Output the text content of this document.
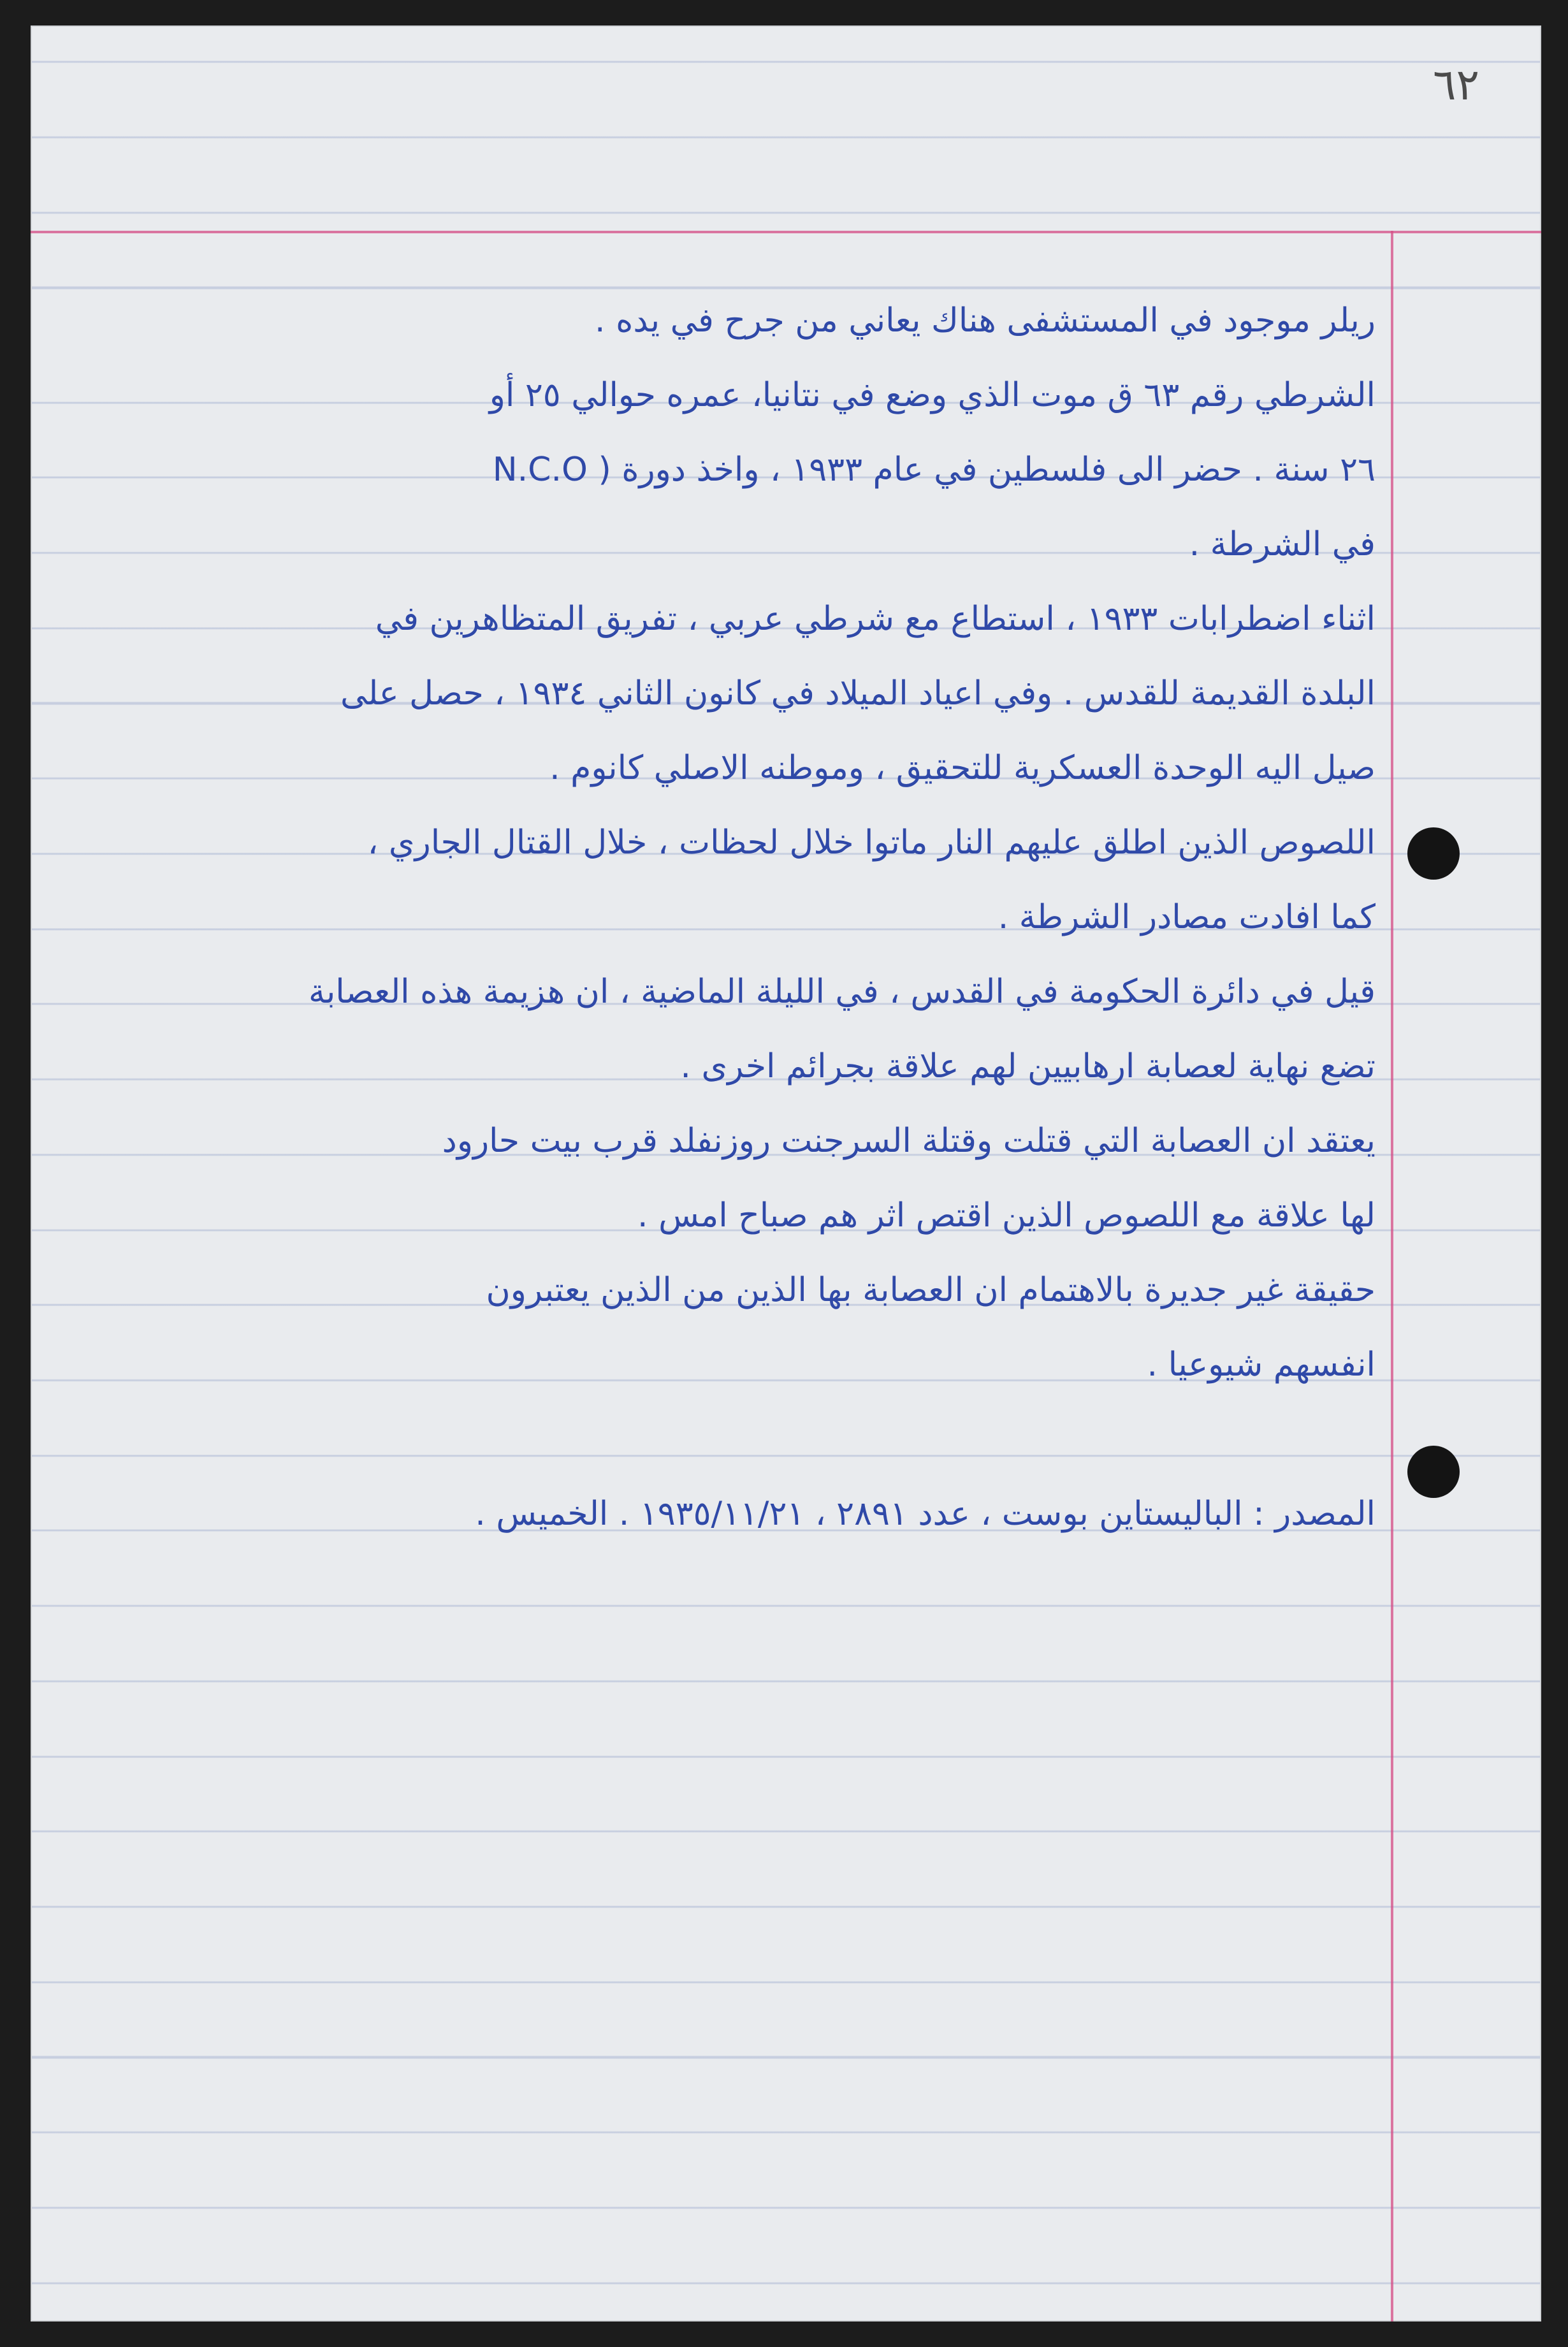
٦٢
ريلر موجود في المستشفى هناك يعاني من جرح في يده .
الشرطي رقم ٦٣ ق موت الذي وضع في نتانيا، عمره حوالي ٢٥ أو
٢٦ سنة . حضر الى فلسطين في عام ١٩٣٣ ، واخذ دورة ( N.C.O
في الشرطة .
اثناء اضطرابات ١٩٣٣ ، استطاع مع شرطي عربي ، تفريق المتظاهرين في
البلدة القديمة للقدس . وفي اعياد الميلاد في كانون الثاني ١٩٣٤ ، حصل على
صيل اليه الوحدة العسكرية للتحقيق ، وموطنه الاصلي كانوم .
اللصوص الذين اطلق عليهم النار ماتوا خلال لحظات ، خلال القتال الجاري ،
كما افادت مصادر الشرطة .
قيل في دائرة الحكومة في القدس ، في الليلة الماضية ، ان هزيمة هذه العصابة
تضع نهاية لعصابة ارهابيين لهم علاقة بجرائم اخرى .
يعتقد ان العصابة التي قتلت وقتلة السرجنت روزنفلد قرب بيت حارود
لها علاقة مع اللصوص الذين اقتص اثر هم صباح امس .
حقيقة غير جديرة بالاهتمام ان العصابة بها الذين من الذين يعتبرون
انفسهم شيوعيا .
المصدر : الباليستاين بوست ، عدد ٢٨٩١ ، ١٩٣٥/١١/٢١ . الخميس .
